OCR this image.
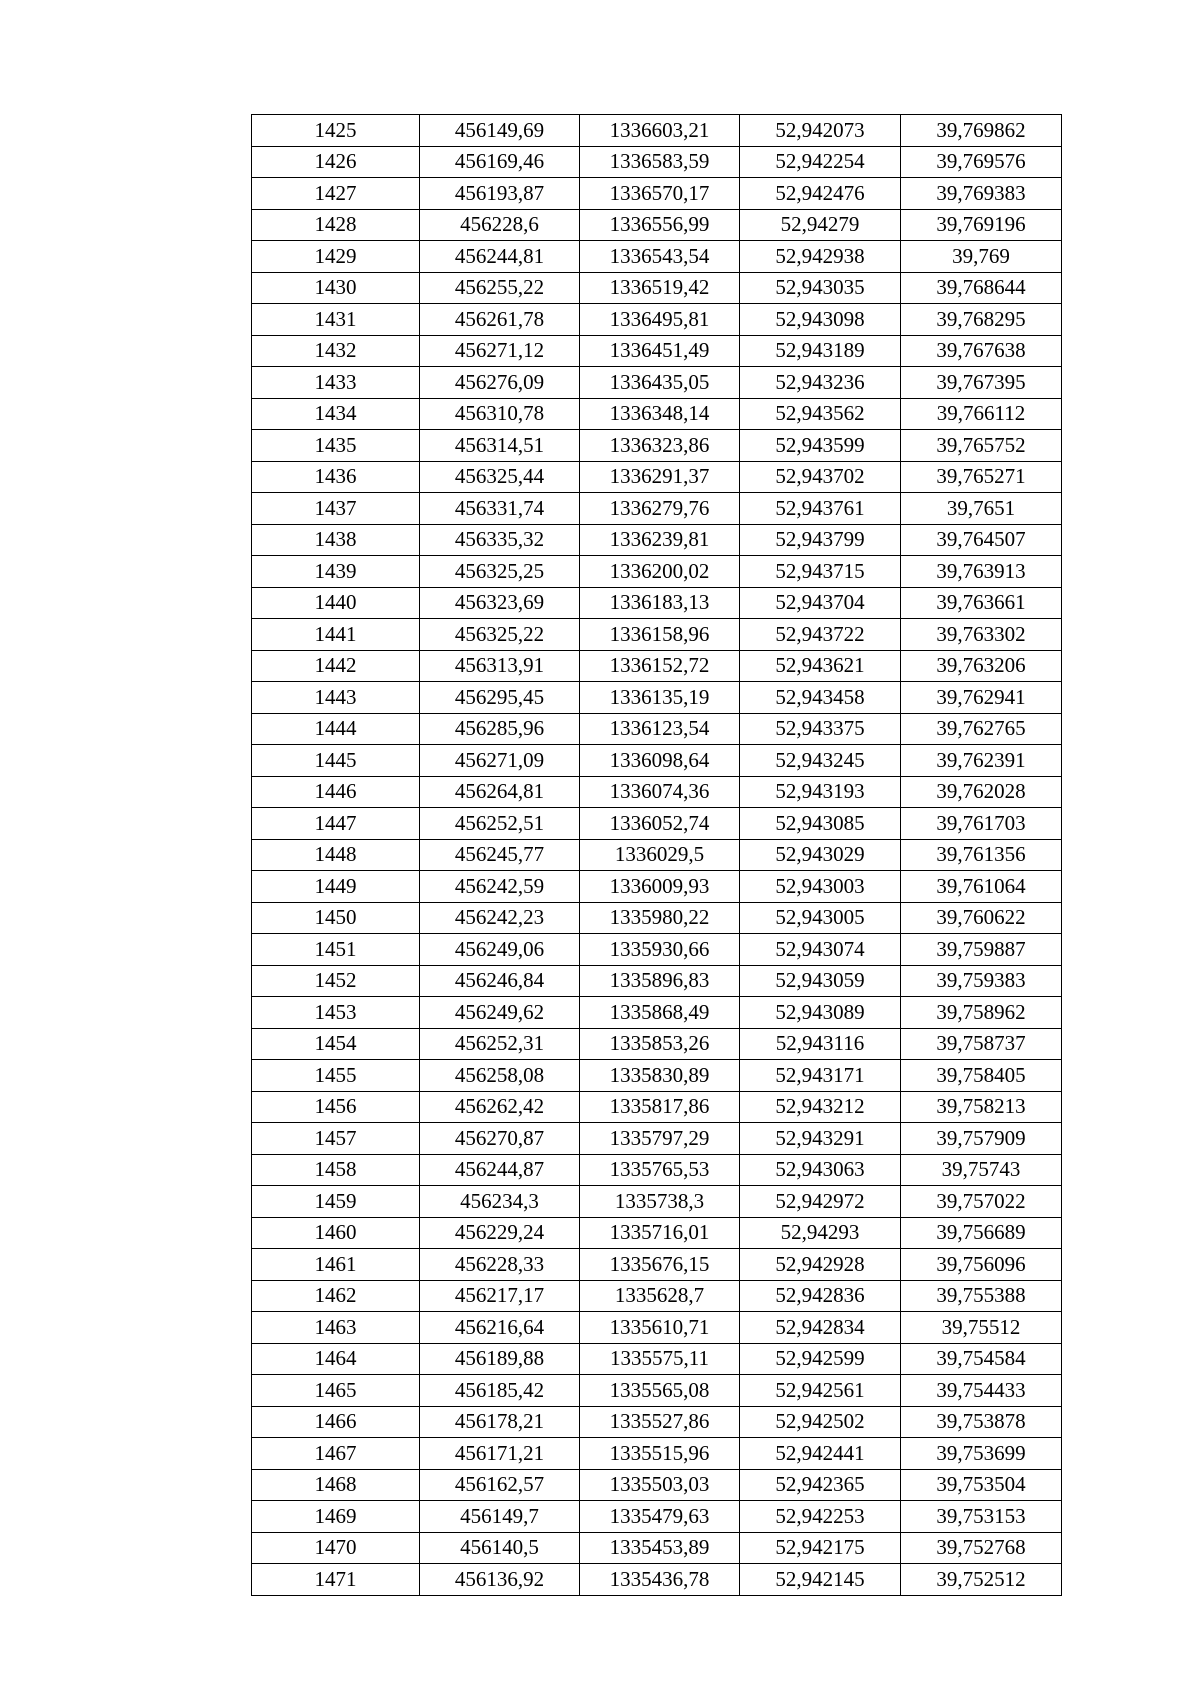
1425	456149,69	1336603,21	52,942073	39,769862
1426	456169,46	1336583,59	52,942254	39,769576
1427	456193,87	1336570,17	52,942476	39,769383
1428	456228,6	1336556,99	52,94279	39,769196
1429	456244,81	1336543,54	52,942938	39,769
1430	456255,22	1336519,42	52,943035	39,768644
1431	456261,78	1336495,81	52,943098	39,768295
1432	456271,12	1336451,49	52,943189	39,767638
1433	456276,09	1336435,05	52,943236	39,767395
1434	456310,78	1336348,14	52,943562	39,766112
1435	456314,51	1336323,86	52,943599	39,765752
1436	456325,44	1336291,37	52,943702	39,765271
1437	456331,74	1336279,76	52,943761	39,7651
1438	456335,32	1336239,81	52,943799	39,764507
1439	456325,25	1336200,02	52,943715	39,763913
1440	456323,69	1336183,13	52,943704	39,763661
1441	456325,22	1336158,96	52,943722	39,763302
1442	456313,91	1336152,72	52,943621	39,763206
1443	456295,45	1336135,19	52,943458	39,762941
1444	456285,96	1336123,54	52,943375	39,762765
1445	456271,09	1336098,64	52,943245	39,762391
1446	456264,81	1336074,36	52,943193	39,762028
1447	456252,51	1336052,74	52,943085	39,761703
1448	456245,77	1336029,5	52,943029	39,761356
1449	456242,59	1336009,93	52,943003	39,761064
1450	456242,23	1335980,22	52,943005	39,760622
1451	456249,06	1335930,66	52,943074	39,759887
1452	456246,84	1335896,83	52,943059	39,759383
1453	456249,62	1335868,49	52,943089	39,758962
1454	456252,31	1335853,26	52,943116	39,758737
1455	456258,08	1335830,89	52,943171	39,758405
1456	456262,42	1335817,86	52,943212	39,758213
1457	456270,87	1335797,29	52,943291	39,757909
1458	456244,87	1335765,53	52,943063	39,75743
1459	456234,3	1335738,3	52,942972	39,757022
1460	456229,24	1335716,01	52,94293	39,756689
1461	456228,33	1335676,15	52,942928	39,756096
1462	456217,17	1335628,7	52,942836	39,755388
1463	456216,64	1335610,71	52,942834	39,75512
1464	456189,88	1335575,11	52,942599	39,754584
1465	456185,42	1335565,08	52,942561	39,754433
1466	456178,21	1335527,86	52,942502	39,753878
1467	456171,21	1335515,96	52,942441	39,753699
1468	456162,57	1335503,03	52,942365	39,753504
1469	456149,7	1335479,63	52,942253	39,753153
1470	456140,5	1335453,89	52,942175	39,752768
1471	456136,92	1335436,78	52,942145	39,752512
